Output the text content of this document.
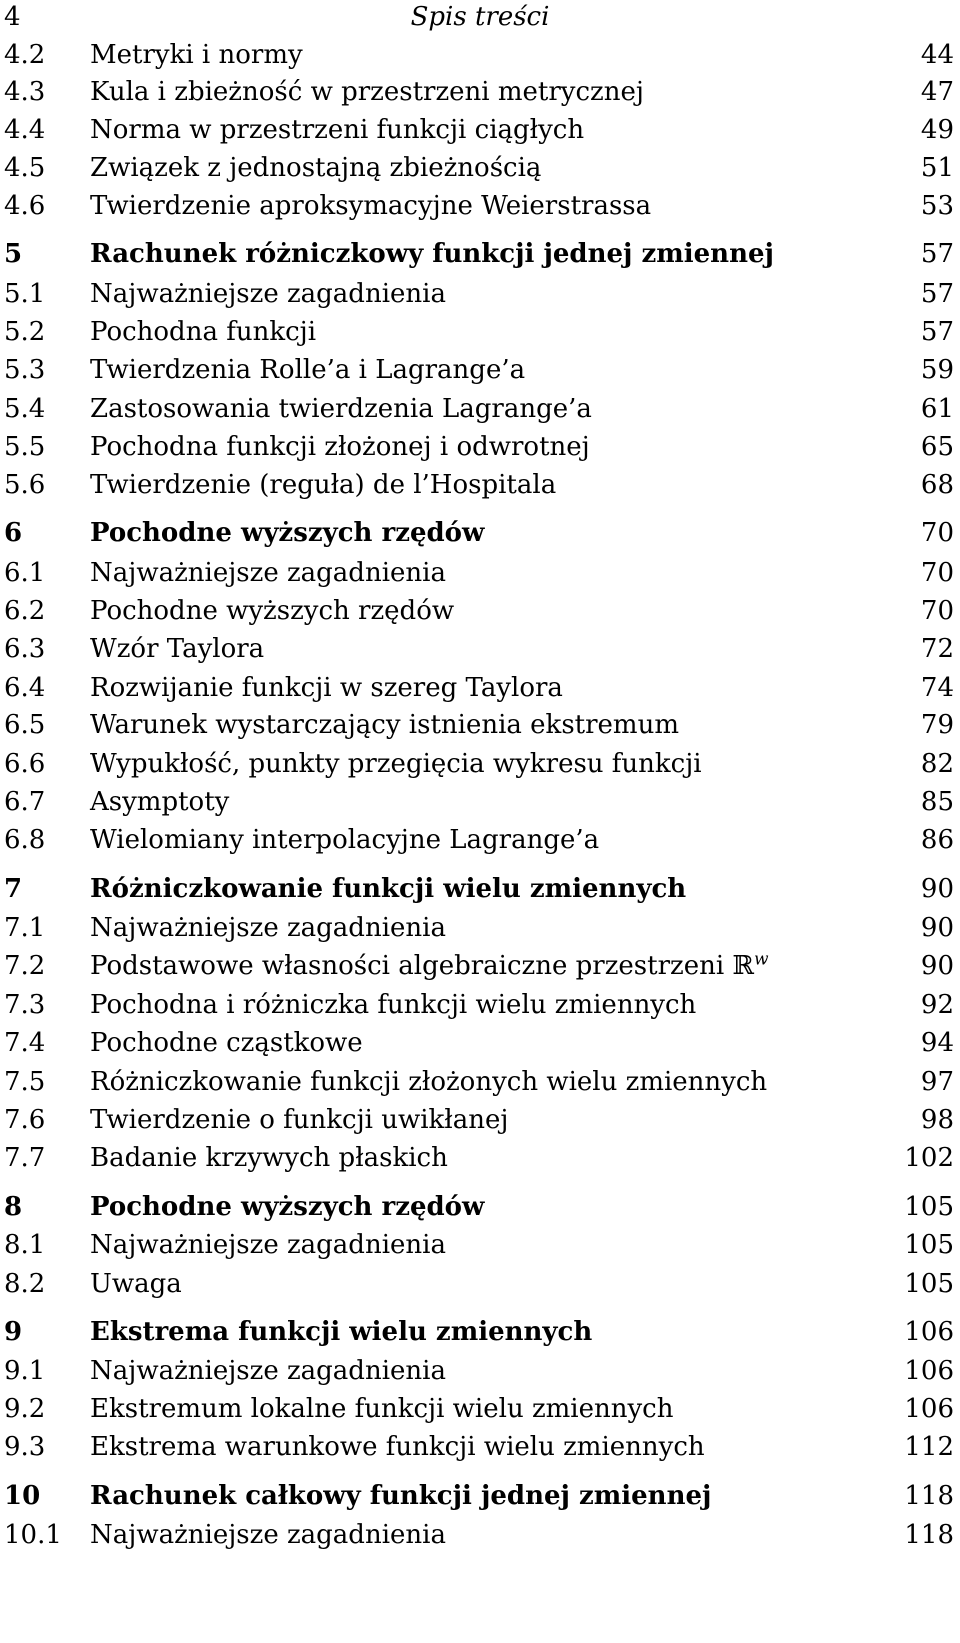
4	Spis treści
4.2 Metryki i normy	44
4.3 Kula i zbieżność w przestrzeni metrycznej	47
4.4 Norma w przestrzeni funkcji ciągłych	49
4.5 Związek z jednostajną zbieżnością	51
4.6 Twierdzenie aproksymacyjne Weierstrassa	53
5	Rachunek różniczkowy funkcji jednej zmiennej	57
5.1 Najważniejsze zagadnienia	57
5.2 Pochodna funkcji	57
5.3 Twierdzenia Rolle’a i Lagrange’a	59
5.4 Zastosowania twierdzenia Lagrange’a	61
5.5 Pochodna funkcji złożonej i odwrotnej	65
5.6 Twierdzenie (reguła) de l’Hospitala	68
6	Pochodne wyższych rzędów	70
6.1 Najważniejsze zagadnienia	70
6.2 Pochodne wyższych rzędów	70
6.3 Wzór Taylora	72
6.4 Rozwijanie funkcji w szereg Taylora	74
6.5 Warunek wystarczający istnienia ekstremum	79
6.6 Wypukłość, punkty przegięcia wykresu funkcji	82
6.7 Asymptoty	85
6.8 Wielomiany interpolacyjne Lagrange’a	86
7	Różniczkowanie funkcji wielu zmiennych	90
7.1 Najważniejsze zagadnienia	90
7.2 Podstawowe własności algebraiczne przestrzeni ℝ$^w$	90
7.3 Pochodna i różniczka funkcji wielu zmiennych	92
7.4 Pochodne cząstkowe	94
7.5 Różniczkowanie funkcji złożonych wielu zmiennych	97
7.6 Twierdzenie o funkcji uwikłanej	98
7.7 Badanie krzywych płaskich	102
8	Pochodne wyższych rzędów	105
8.1 Najważniejsze zagadnienia	105
8.2 Uwaga	105
9	Ekstrema funkcji wielu zmiennych	106
9.1 Najważniejsze zagadnienia	106
9.2 Ekstremum lokalne funkcji wielu zmiennych	106
9.3 Ekstrema warunkowe funkcji wielu zmiennych	112
10 Rachunek całkowy funkcji jednej zmiennej	118
10.1 Najważniejsze zagadnienia	118
